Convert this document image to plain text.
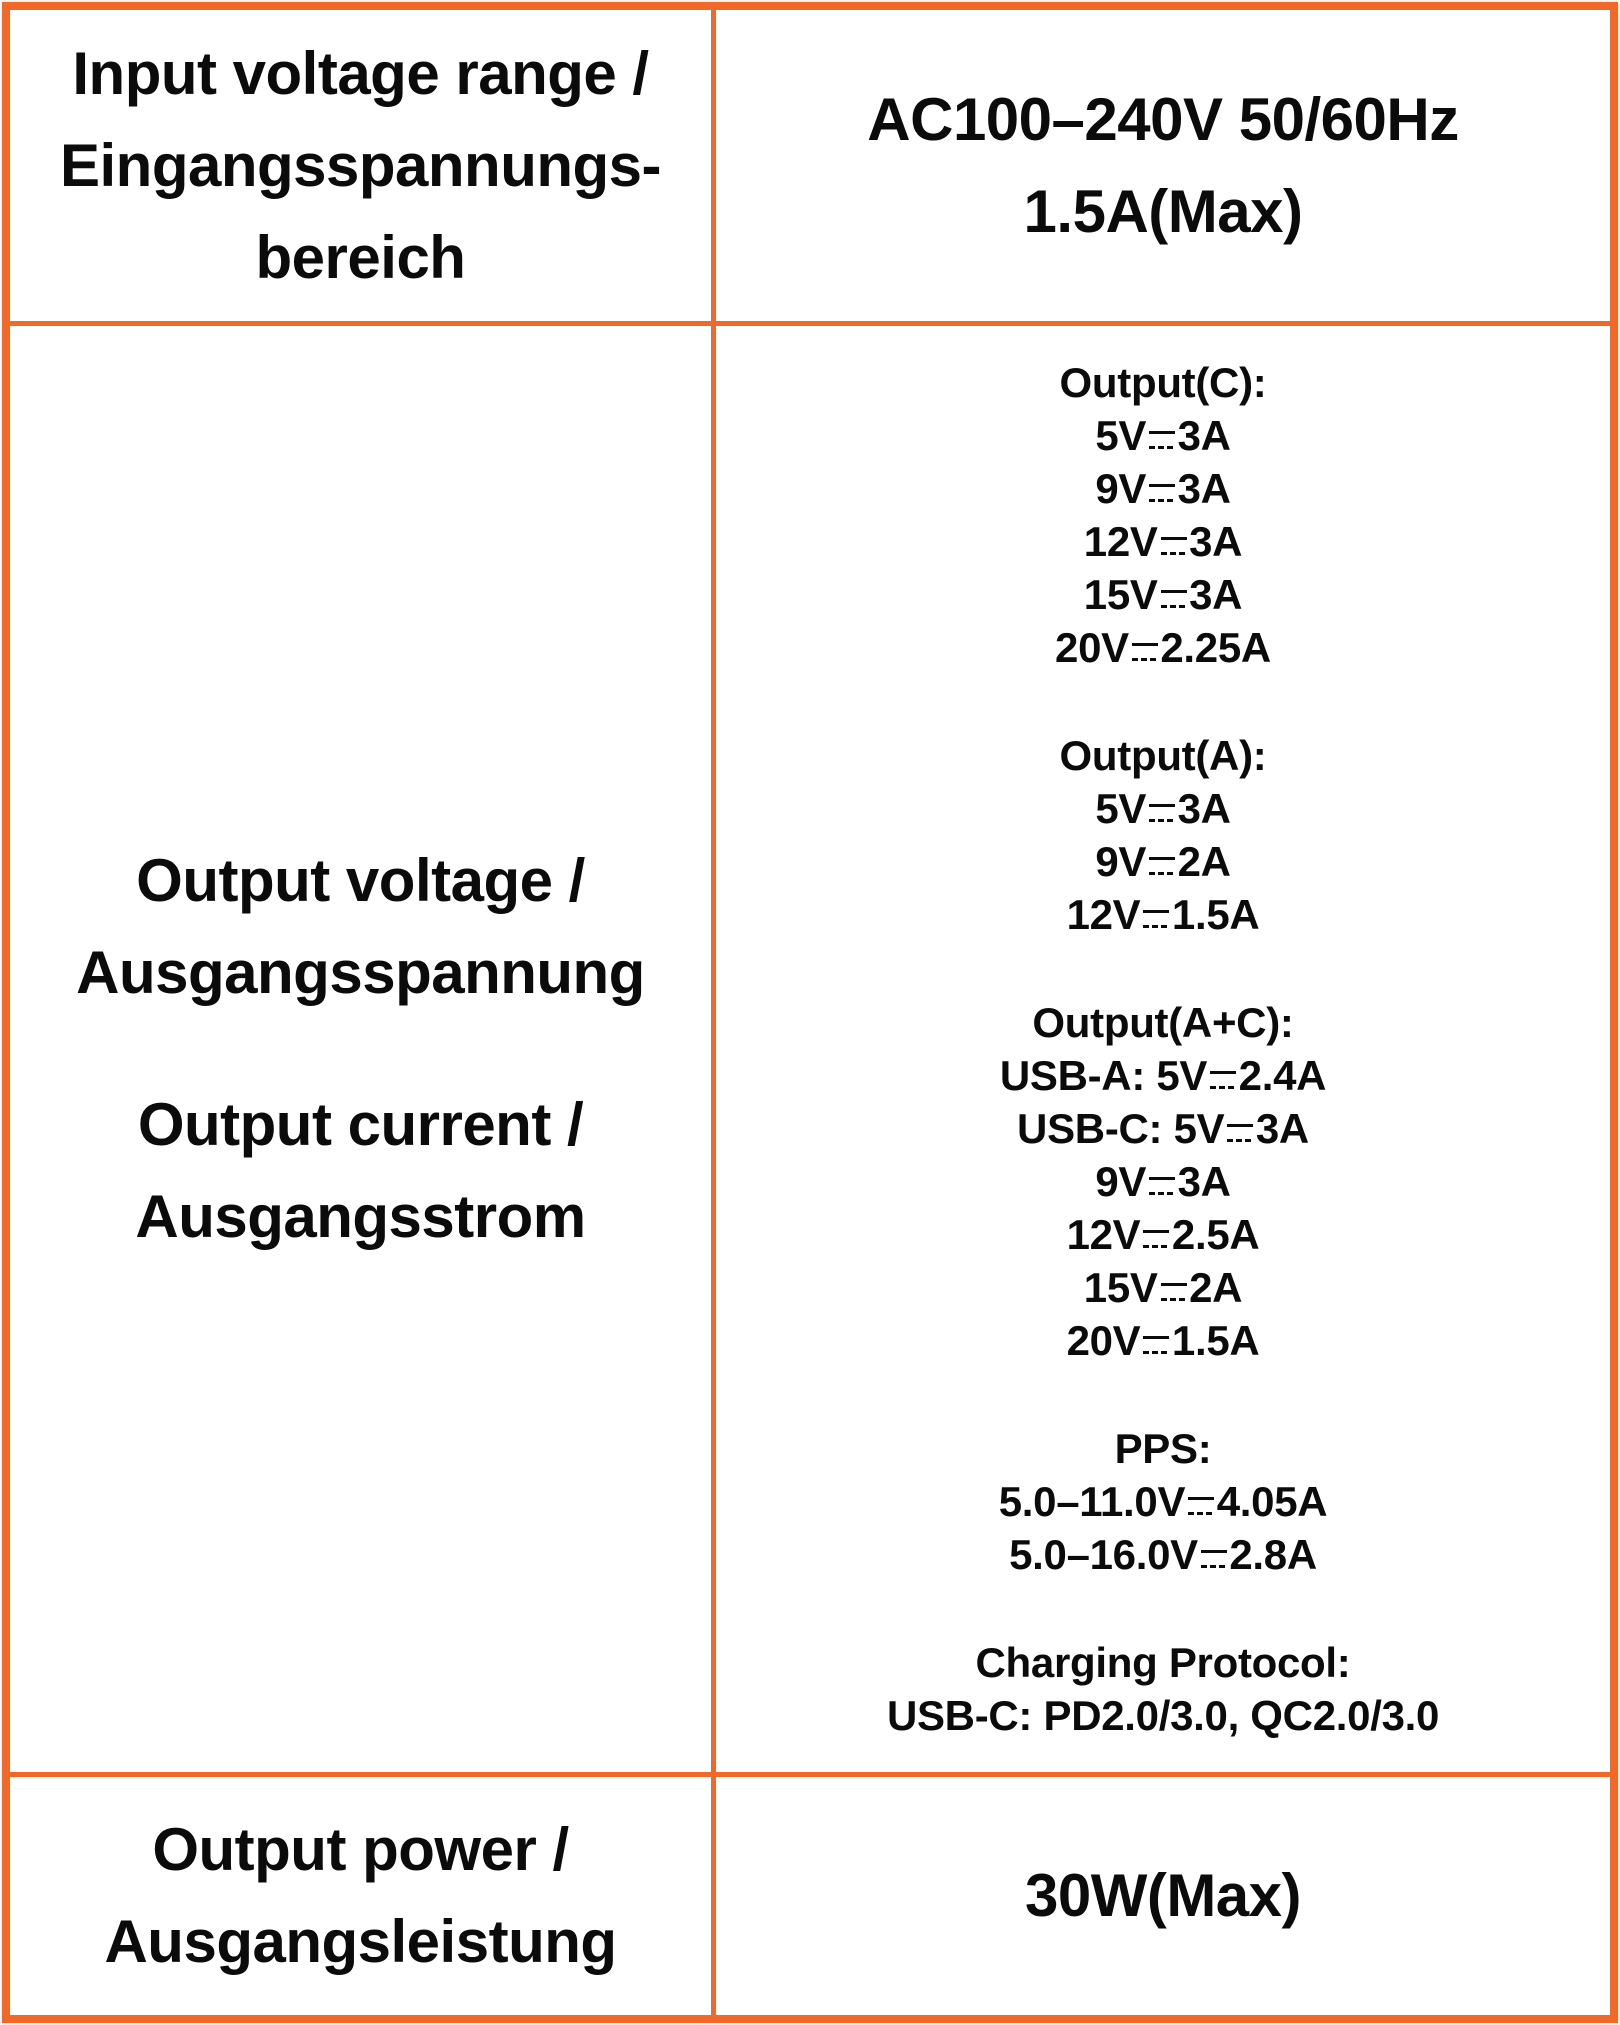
Input voltage range /
Eingangsspannungs-
bereich
AC100–240V 50/60Hz
1.5A(Max)
Output voltage /
Ausgangsspannung
Output current /
Ausgangsstrom
Output(C):
5V 3A
9V 3A
12V 3A
15V 3A
20V 2.25A
Output(A):
5V 3A
9V 2A
12V 1.5A
Output(A+C):
USB-A: 5V 2.4A
USB-C: 5V 3A
9V 3A
12V 2.5A
15V 2A
20V 1.5A
PPS:
5.0–11.0V 4.05A
5.0–16.0V 2.8A
Charging Protocol:
USB-C: PD2.0/3.0, QC2.0/3.0
Output power /
Ausgangsleistung
30W(Max)
